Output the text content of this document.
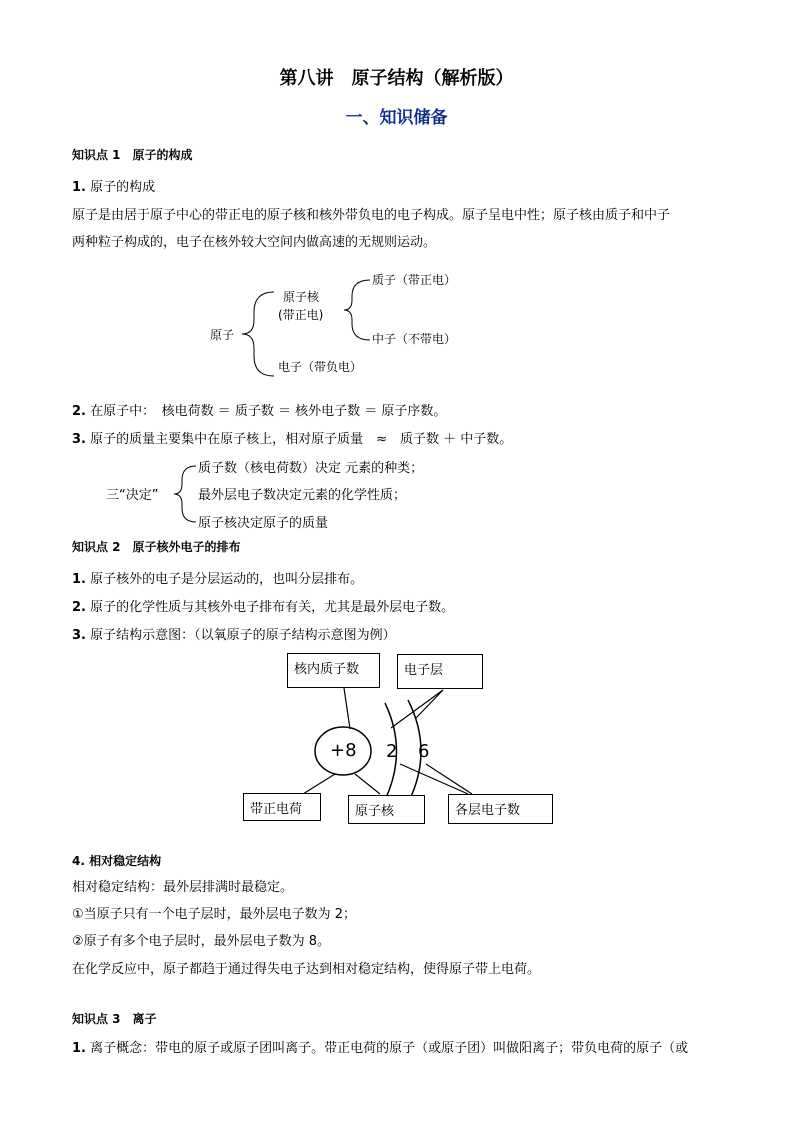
第八讲　原子结构（解析版）
一、知识储备
知识点 1　原子的构成
1. 原子的构成
原子是由居于原子中心的带正电的原子核和核外带负电的电子构成。原子呈电中性；原子核由质子和中子
两种粒子构成的，电子在核外较大空间内做高速的无规则运动。
原子
原子核
(带正电)
质子（带正电）
中子（不带电）
电子（带负电）
2. 在原子中：　核电荷数 ＝ 质子数 ＝ 核外电子数 ＝ 原子序数。
3. 原子的质量主要集中在原子核上，相对原子质量　≈　质子数 ＋ 中子数。
三“决定”
质子数（核电荷数）决定 元素的种类；
最外层电子数决定元素的化学性质；
原子核决定原子的质量
知识点 2　原子核外电子的排布
1. 原子核外的电子是分层运动的，也叫分层排布。
2. 原子的化学性质与其核外电子排布有关，尤其是最外层电子数。
3. 原子结构示意图：（以氧原子的原子结构示意图为例）
+8 2 6
核内质子数	电子层
带正电荷	原子核	各层电子数
4. 相对稳定结构
相对稳定结构：最外层排满时最稳定。
①当原子只有一个电子层时，最外层电子数为 2；
②原子有多个电子层时，最外层电子数为 8。
在化学反应中，原子都趋于通过得失电子达到相对稳定结构，使得原子带上电荷。
知识点 3　离子
1. 离子概念：带电的原子或原子团叫离子。带正电荷的原子（或原子团）叫做阳离子；带负电荷的原子（或
